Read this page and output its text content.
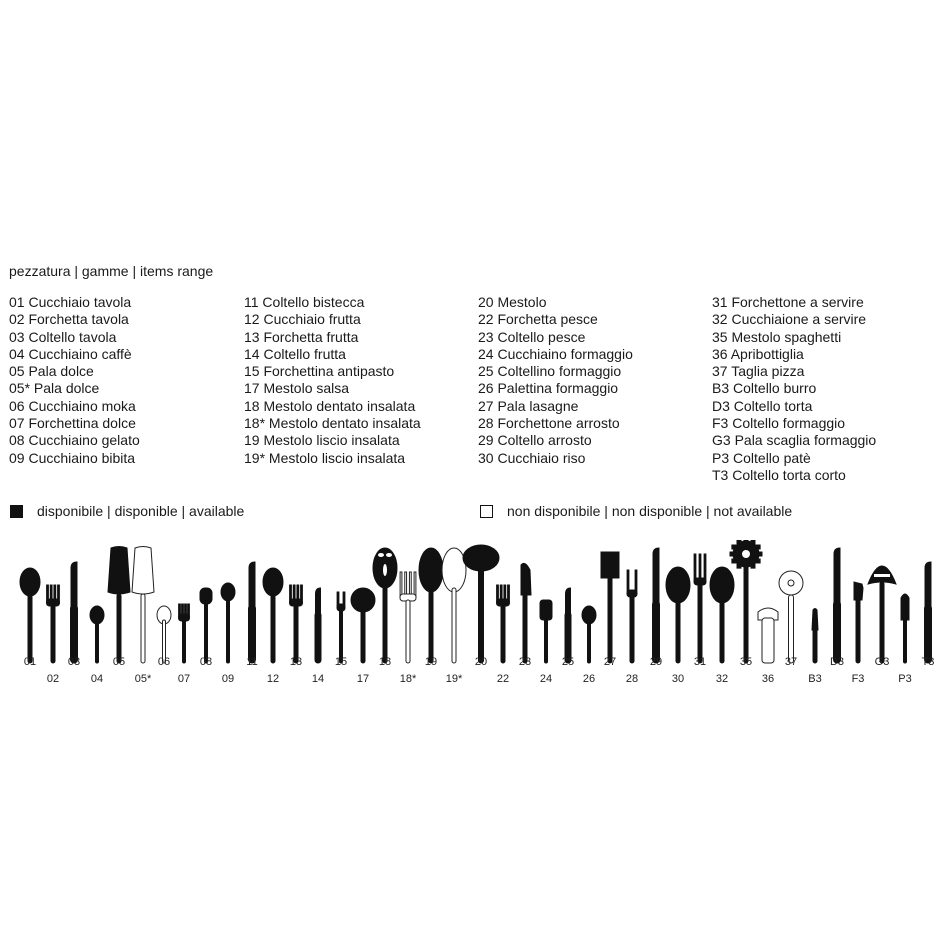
pezzatura | gamme | items range
01 Cucchiaio tavola
02 Forchetta tavola
03 Coltello tavola
04 Cucchiaino caffè
05 Pala dolce
05* Pala dolce
06 Cucchiaino moka
07 Forchettina dolce
08 Cucchiaino gelato
09 Cucchiaino bibita
11 Coltello bistecca
12 Cucchiaio frutta
13 Forchetta frutta
14 Coltello frutta
15 Forchettina antipasto
17 Mestolo salsa
18 Mestolo dentato insalata
18* Mestolo dentato insalata
19 Mestolo liscio insalata
19* Mestolo liscio insalata
20 Mestolo
22 Forchetta pesce
23 Coltello pesce
24 Cucchiaino formaggio
25 Coltellino formaggio
26 Palettina formaggio
27 Pala lasagne
28 Forchettone arrosto
29 Coltello arrosto
30 Cucchiaio riso
31 Forchettone a servire
32 Cucchiaione a servire
35 Mestolo spaghetti
36 Apribottiglia
37 Taglia pizza
B3 Coltello burro
D3 Coltello torta
F3 Coltello formaggio
G3 Pala scaglia formaggio
P3 Coltello patè
T3 Coltello torta corto
disponibile | disponible | available	non disponibile | non disponible | not available
01
02
03
04
05
05*
06
07
08
09
11
12
13
14
15
17
18
18*
19
19*
20
22
23
24
25
26
27
28
29
30
31
32
35
36
37
B3
D3
F3
G3
P3
T3
